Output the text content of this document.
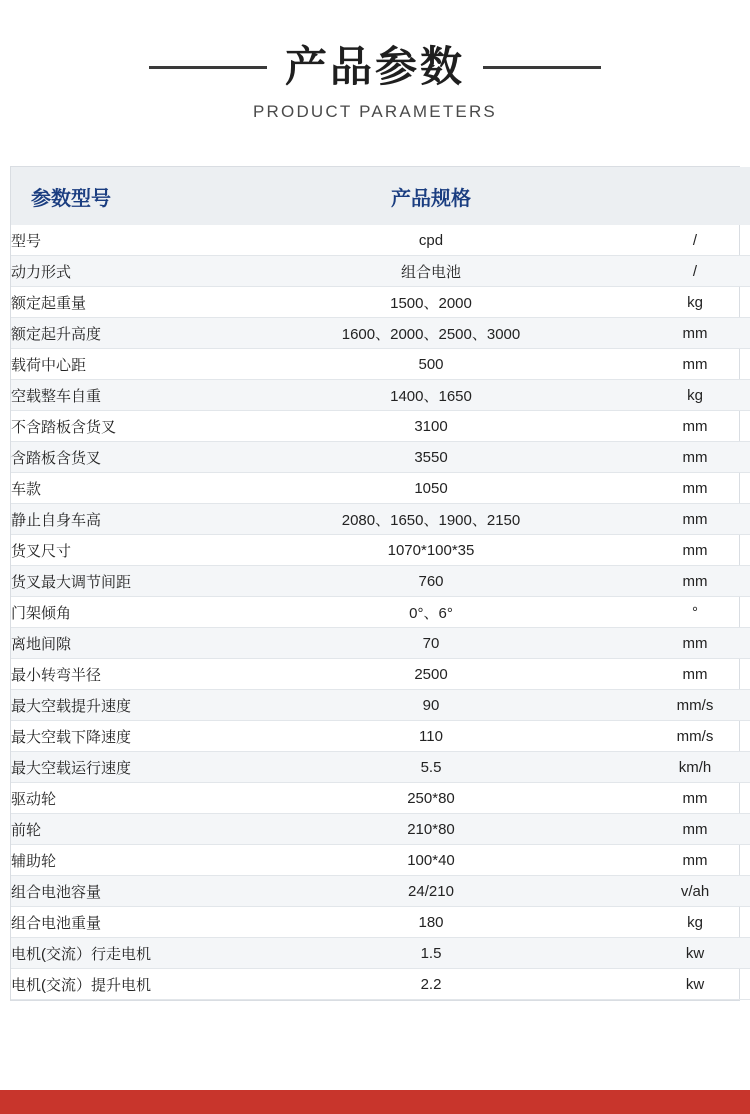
产品参数
PRODUCT PARAMETERS
参数型号	产品规格	
型号	cpd	/
动力形式	组合电池	/
额定起重量	1500、2000	kg
额定起升高度	1600、2000、2500、3000	mm
载荷中心距	500	mm
空载整车自重	1400、1650	kg
不含踏板含货叉	3100	mm
含踏板含货叉	3550	mm
车款	1050	mm
静止自身车高	2080、1650、1900、2150	mm
货叉尺寸	1070*100*35	mm
货叉最大调节间距	760	mm
门架倾角	0°、6°	°
离地间隙	70	mm
最小转弯半径	2500	mm
最大空载提升速度	90	mm/s
最大空载下降速度	110	mm/s
最大空载运行速度	5.5	km/h
驱动轮	250*80	mm
前轮	210*80	mm
辅助轮	100*40	mm
组合电池容量	24/210	v/ah
组合电池重量	180	kg
电机(交流）行走电机	1.5	kw
电机(交流）提升电机	2.2	kw
